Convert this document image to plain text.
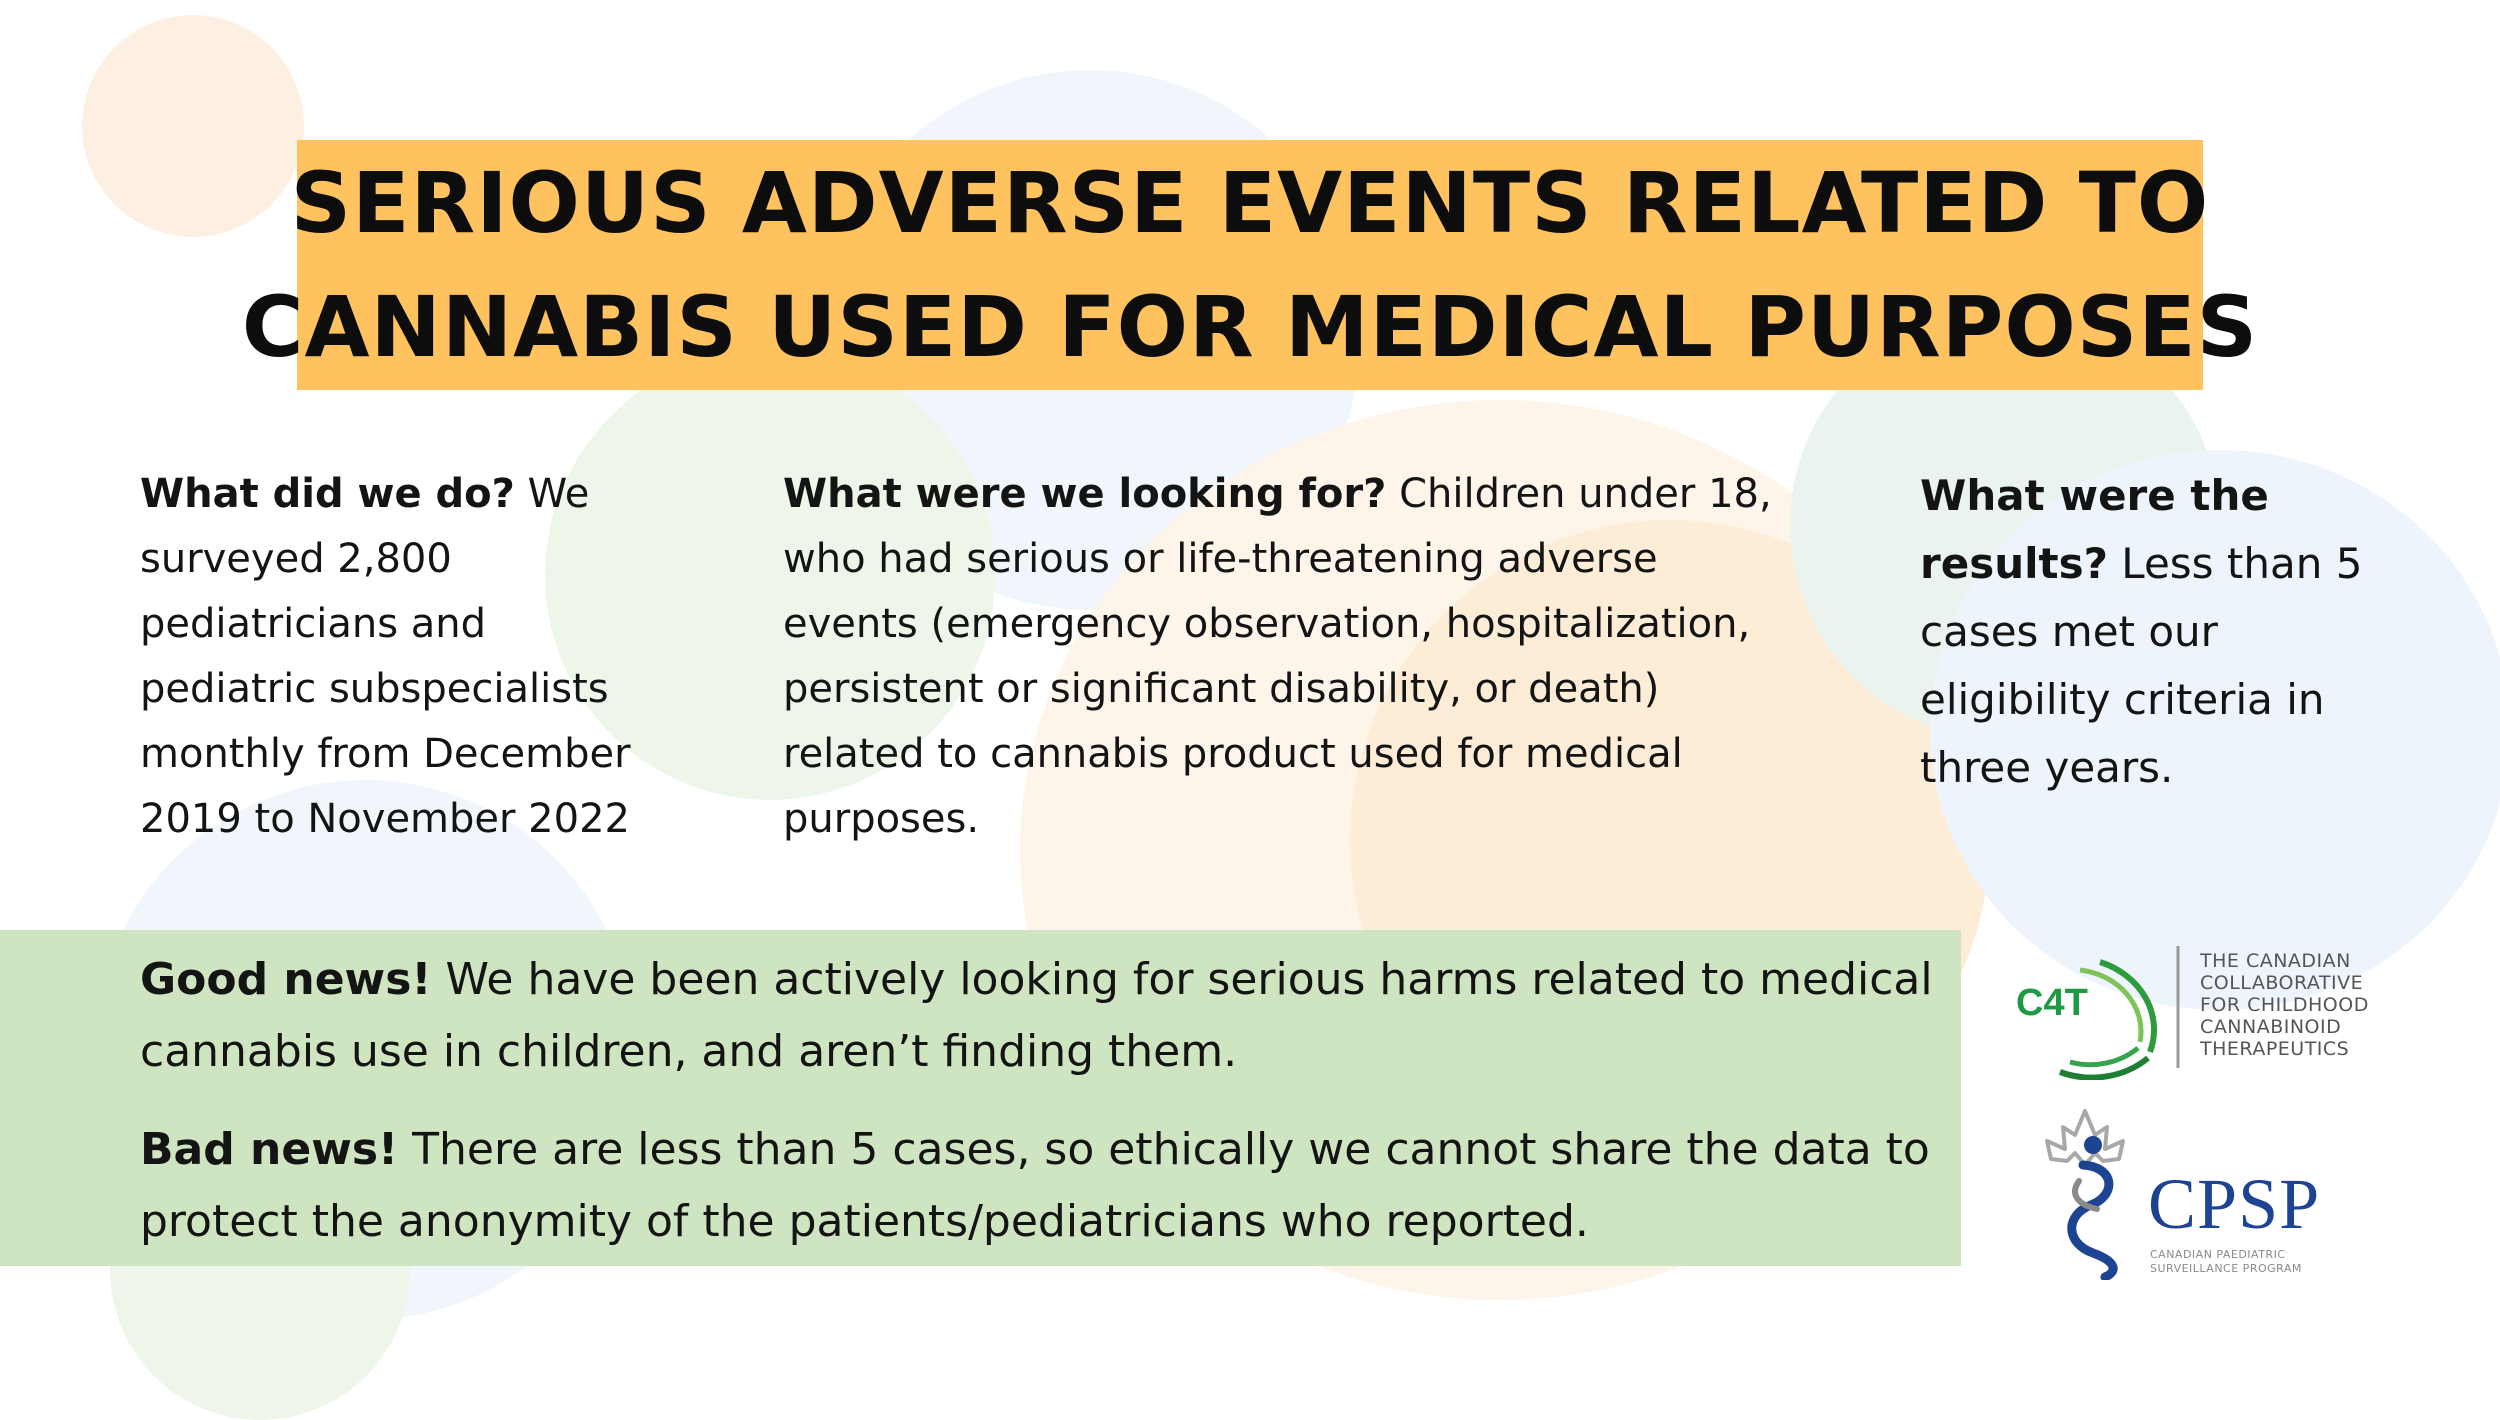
SERIOUS ADVERSE EVENTS RELATED TO
CANNABIS USED FOR MEDICAL PURPOSES

What did we do? We surveyed 2,800 pediatricians and pediatric subspecialists monthly from December 2019 to November 2022

What were we looking for? Children under 18, who had serious or life-threatening adverse events (emergency observation, hospitalization, persistent or significant disability, or death) related to cannabis product used for medical purposes.

What were the results? Less than 5 cases met our eligibility criteria in three years.

Good news! We have been actively looking for serious harms related to medical cannabis use in children, and aren’t finding them.
Bad news! There are less than 5 cases, so ethically we cannot share the data to protect the anonymity of the patients/pediatricians who reported.
C4T
THE CANADIAN
COLLABORATIVE
FOR CHILDHOOD
CANNABINOID
THERAPEUTICS
CPSP
CANADIAN PAEDIATRIC
SURVEILLANCE PROGRAM
